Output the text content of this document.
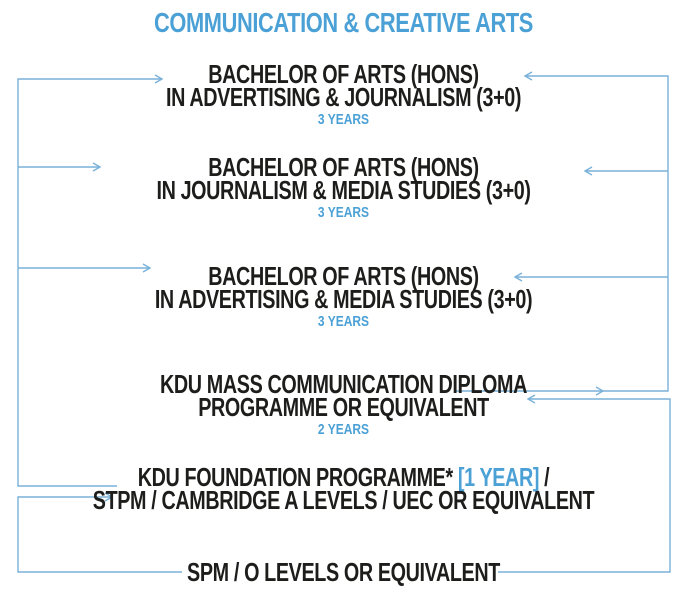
COMMUNICATION & CREATIVE ARTS
BACHELOR OF ARTS (HONS)
IN ADVERTISING & JOURNALISM (3+0)
3 YEARS
BACHELOR OF ARTS (HONS)
IN JOURNALISM & MEDIA STUDIES (3+0)
3 YEARS
BACHELOR OF ARTS (HONS)
IN ADVERTISING & MEDIA STUDIES (3+0)
3 YEARS
KDU MASS COMMUNICATION DIPLOMA
PROGRAMME OR EQUIVALENT
2 YEARS
KDU FOUNDATION PROGRAMME* [1 YEAR] /
STPM / CAMBRIDGE A LEVELS / UEC OR EQUIVALENT
SPM / O LEVELS OR EQUIVALENT
